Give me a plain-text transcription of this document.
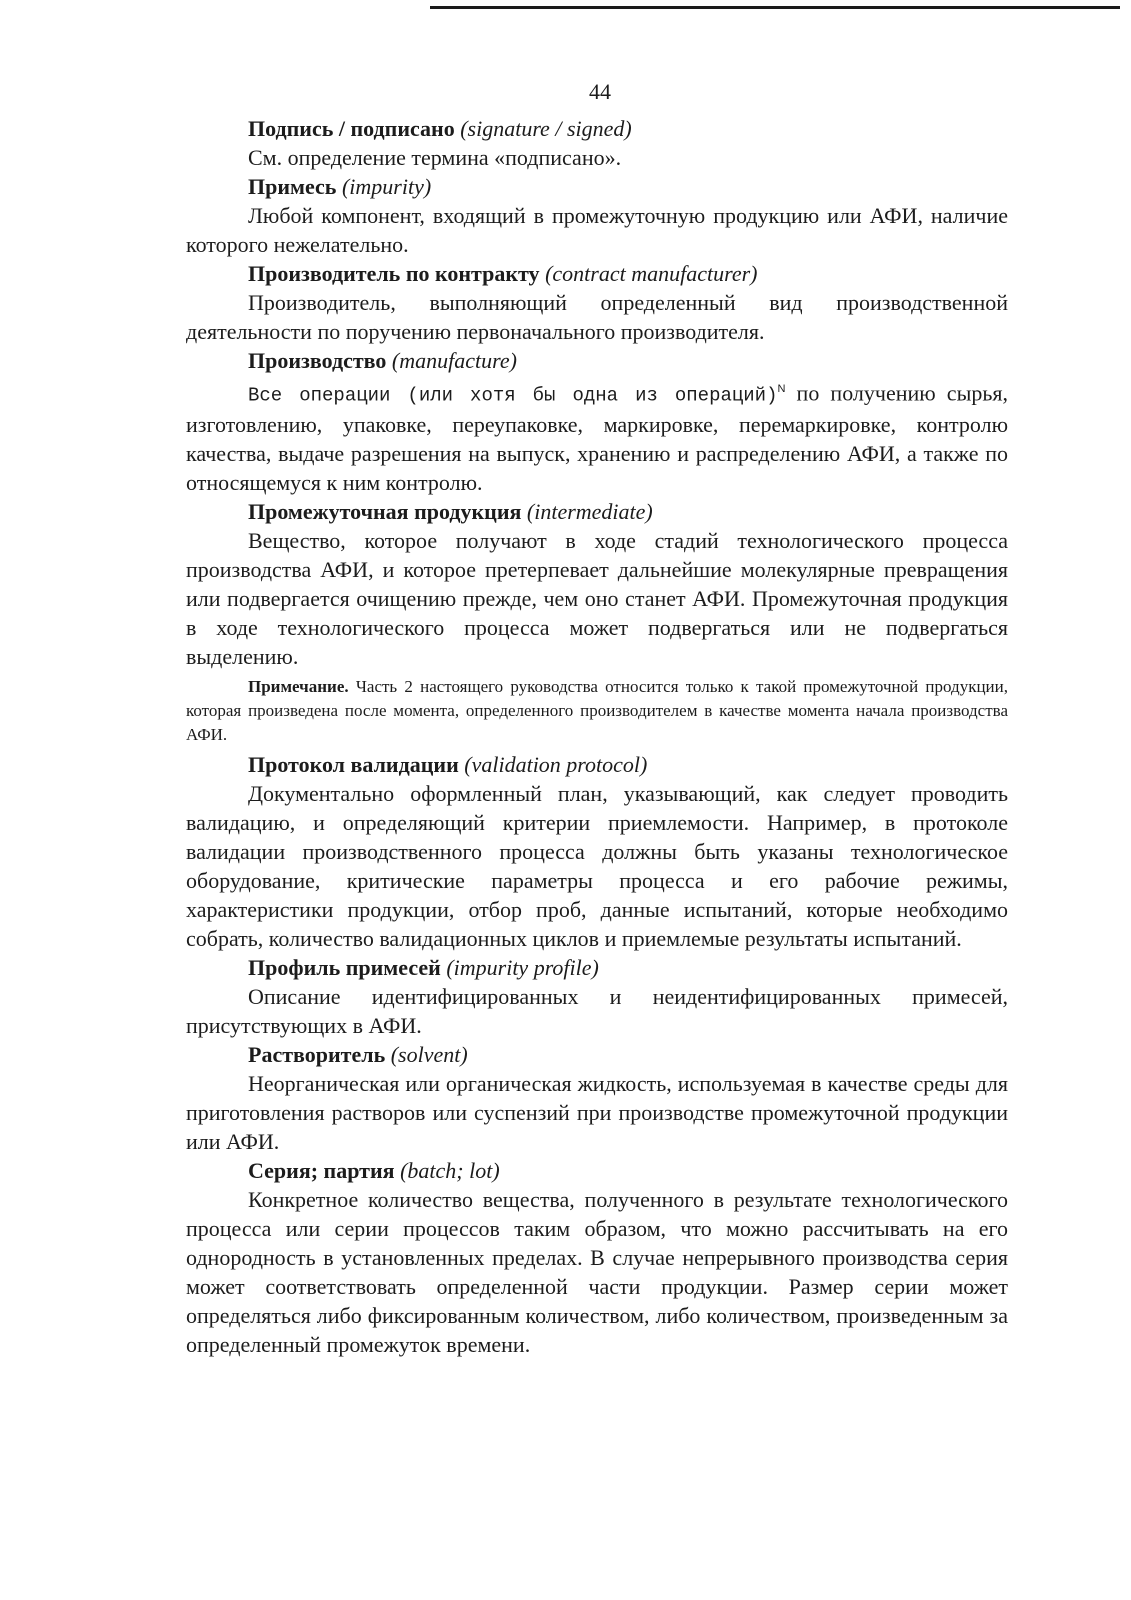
44

Подпись / подписано (signature / signed)

См. определение термина «подписано».

Примесь (impurity)

Любой компонент, входящий в промежуточную продукцию или АФИ, наличие которого нежелательно.

Производитель по контракту (contract manufacturer)

Производитель, выполняющий определенный вид производственной деятельности по поручению первоначального производителя.

Производство (manufacture)

Все операции (или хотя бы одна из операций)$^N$ по получению сырья, изготовлению, упаковке, переупаковке, маркировке, перемаркировке, контролю качества, выдаче разрешения на выпуск, хранению и распределению АФИ, а также по относящемуся к ним контролю.

Промежуточная продукция (intermediate)

Вещество, которое получают в ходе стадий технологического процесса производства АФИ, и которое претерпевает дальнейшие молекулярные превращения или подвергается очищению прежде, чем оно станет АФИ. Промежуточная продукция в ходе технологического процесса может подвергаться или не подвергаться выделению.

Примечание. Часть 2 настоящего руководства относится только к такой промежуточной продукции, которая произведена после момента, определенного производителем в качестве момента начала производства АФИ.

Протокол валидации (validation protocol)

Документально оформленный план, указывающий, как следует проводить валидацию, и определяющий критерии приемлемости. Например, в протоколе валидации производственного процесса должны быть указаны технологическое оборудование, критические параметры процесса и его рабочие режимы, характеристики продукции, отбор проб, данные испытаний, которые необходимо собрать, количество валидационных циклов и приемлемые результаты испытаний.

Профиль примесей (impurity profile)

Описание идентифицированных и неидентифицированных примесей, присутствующих в АФИ.

Растворитель (solvent)

Неорганическая или органическая жидкость, используемая в качестве среды для приготовления растворов или суспензий при производстве промежуточной продукции или АФИ.

Серия; партия (batch; lot)

Конкретное количество вещества, полученного в результате технологического процесса или серии процессов таким образом, что можно рассчитывать на его однородность в установленных пределах. В случае непрерывного производства серия может соответствовать определенной части продукции. Размер серии может определяться либо фиксированным количеством, либо количеством, произведенным за определенный промежуток времени.
